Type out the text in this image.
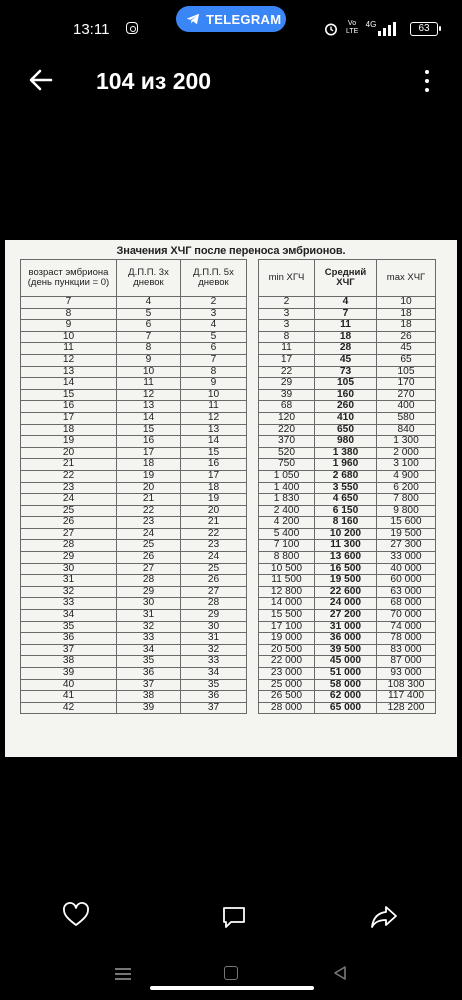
13:11
TELEGRAM	Vo LTE
4G	63
104 из 200
Значения ХЧГ после переноса эмбрионов.
возраст эмбриона (день пункции = 0)	Д.П.П. 3х дневок	Д.П.П. 5х дневок
7	4	2
8	5	3
9	6	4
10	7	5
11	8	6
12	9	7
13	10	8
14	11	9
15	12	10
16	13	11
17	14	12
18	15	13
19	16	14
20	17	15
21	18	16
22	19	17
23	20	18
24	21	19
25	22	20
26	23	21
27	24	22
28	25	23
29	26	24
30	27	25
31	28	26
32	29	27
33	30	28
34	31	29
35	32	30
36	33	31
37	34	32
38	35	33
39	36	34
40	37	35
41	38	36
42	39	37
min ХГЧ	Средний ХЧГ	max ХЧГ
2	4	10
3	7	18
3	11	18
8	18	26
11	28	45
17	45	65
22	73	105
29	105	170
39	160	270
68	260	400
120	410	580
220	650	840
370	980	1 300
520	1 380	2 000
750	1 960	3 100
1 050	2 680	4 900
1 400	3 550	6 200
1 830	4 650	7 800
2 400	6 150	9 800
4 200	8 160	15 600
5 400	10 200	19 500
7 100	11 300	27 300
8 800	13 600	33 000
10 500	16 500	40 000
11 500	19 500	60 000
12 800	22 600	63 000
14 000	24 000	68 000
15 500	27 200	70 000
17 100	31 000	74 000
19 000	36 000	78 000
20 500	39 500	83 000
22 000	45 000	87 000
23 000	51 000	93 000
25 000	58 000	108 300
26 500	62 000	117 400
28 000	65 000	128 200
